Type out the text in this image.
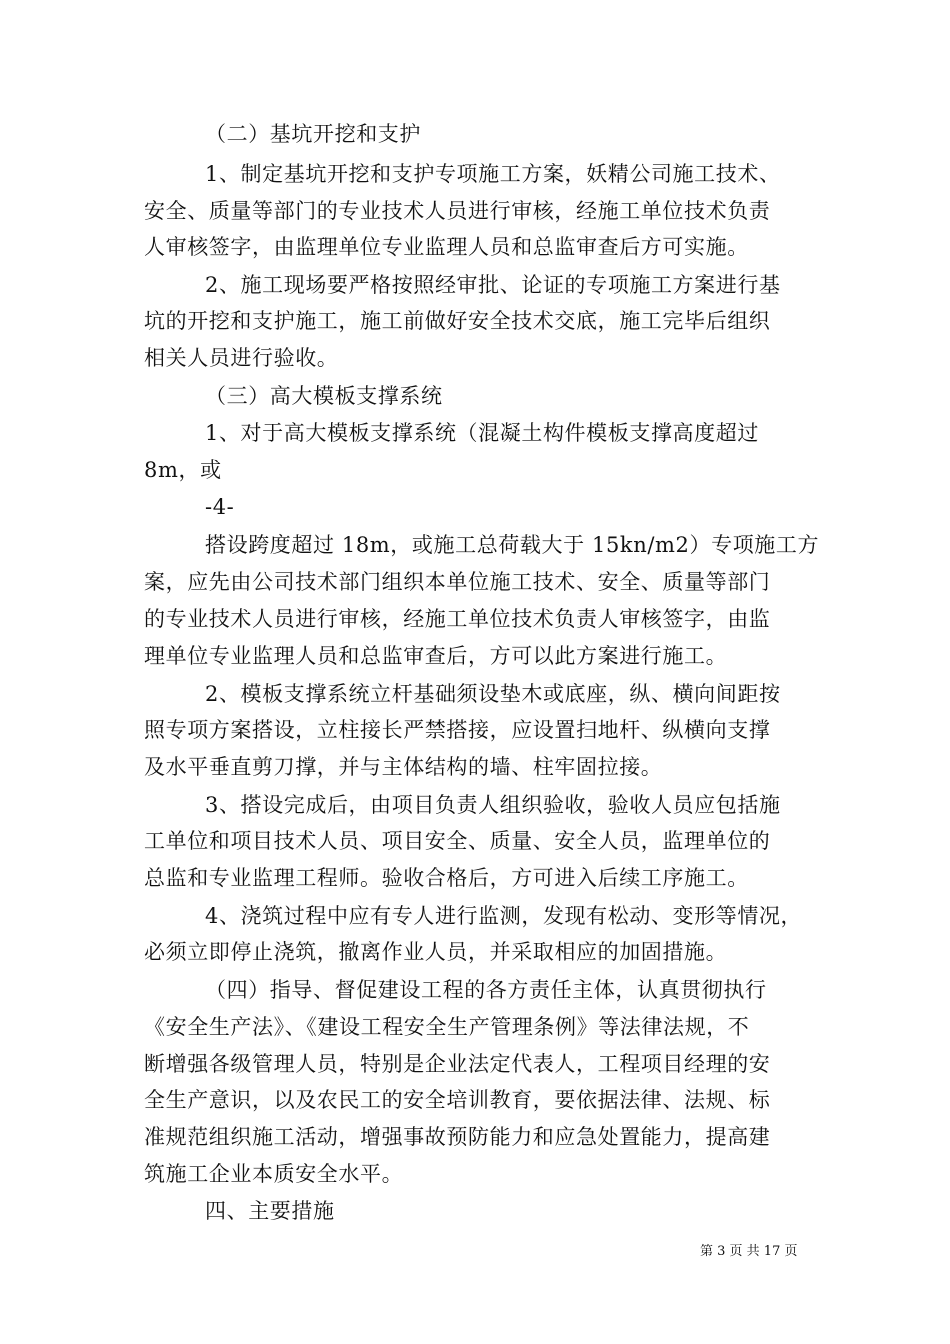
（二）基坑开挖和支护
1、制定基坑开挖和支护专项施工方案，妖精公司施工技术、
安全、质量等部门的专业技术人员进行审核，经施工单位技术负责
人审核签字，由监理单位专业监理人员和总监审查后方可实施。
2、施工现场要严格按照经审批、论证的专项施工方案进行基
坑的开挖和支护施工，施工前做好安全技术交底，施工完毕后组织
相关人员进行验收。
（三）高大模板支撑系统
1、对于高大模板支撑系统（混凝土构件模板支撑高度超过
8m，或
-4-
搭设跨度超过 18m，或施工总荷载大于 15kn/m2）专项施工方
案，应先由公司技术部门组织本单位施工技术、安全、质量等部门
的专业技术人员进行审核，经施工单位技术负责人审核签字，由监
理单位专业监理人员和总监审查后，方可以此方案进行施工。
2、模板支撑系统立杆基础须设垫木或底座，纵、横向间距按
照专项方案搭设，立柱接长严禁搭接，应设置扫地杆、纵横向支撑
及水平垂直剪刀撑，并与主体结构的墙、柱牢固拉接。
3、搭设完成后，由项目负责人组织验收，验收人员应包括施
工单位和项目技术人员、项目安全、质量、安全人员，监理单位的
总监和专业监理工程师。验收合格后，方可进入后续工序施工。
4、浇筑过程中应有专人进行监测，发现有松动、变形等情况，
必须立即停止浇筑，撤离作业人员，并采取相应的加固措施。
（四）指导、督促建设工程的各方责任主体，认真贯彻执行
《安全生产法》、《建设工程安全生产管理条例》等法律法规，不
断增强各级管理人员，特别是企业法定代表人，工程项目经理的安
全生产意识，以及农民工的安全培训教育，要依据法律、法规、标
准规范组织施工活动，增强事故预防能力和应急处置能力，提高建
筑施工企业本质安全水平。
四、主要措施
第 3 页 共 17 页
